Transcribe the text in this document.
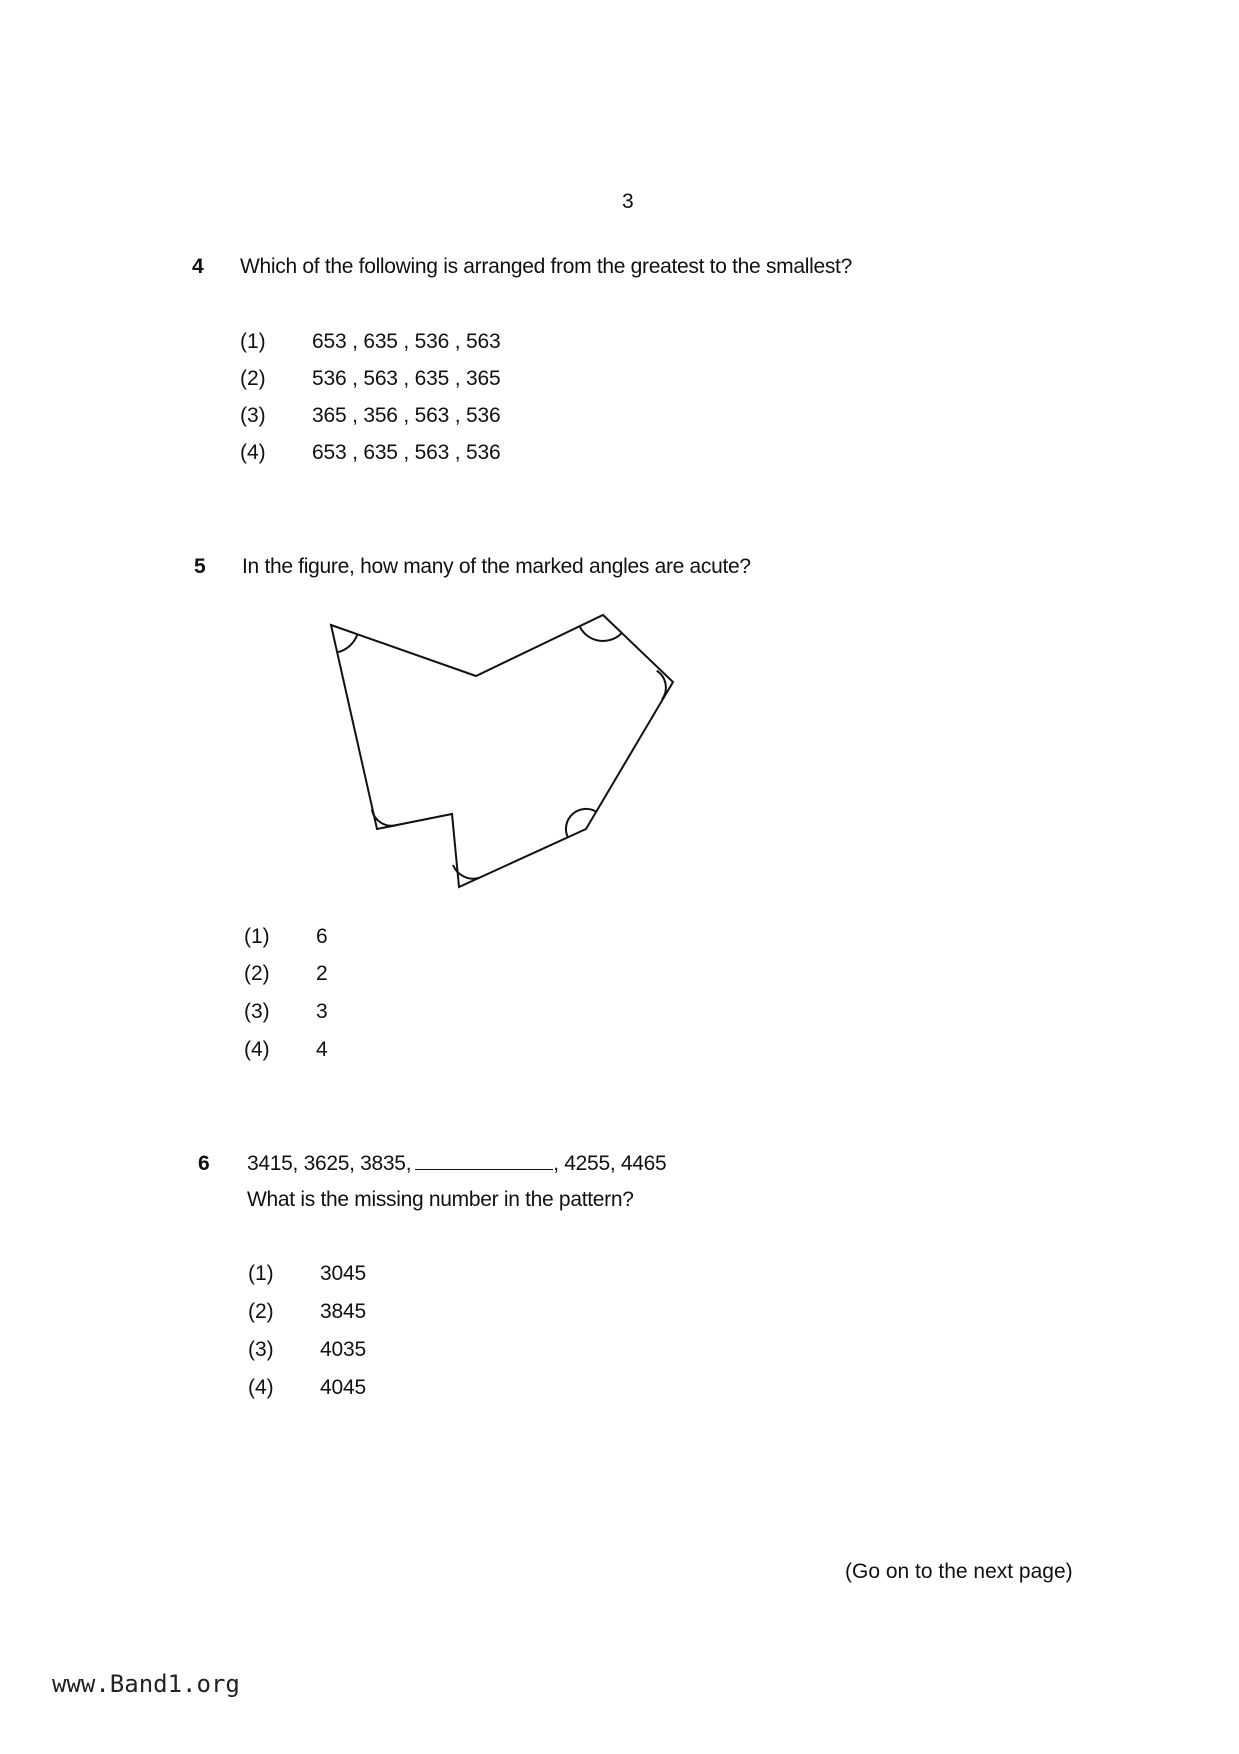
3
4 Which of the following is arranged from the greatest to the smallest?
(1) 653 , 635 , 536 , 563
(2) 536 , 563 , 635 , 365
(3) 365 , 356 , 563 , 536
(4) 653 , 635 , 563 , 536
5 In the figure, how many of the marked angles are acute?
(1) 6
(2) 2
(3) 3
(4) 4
6 3415, 3625, 3835,	, 4255, 4465
What is the missing number in the pattern?
(1) 3045
(2) 3845
(3) 4035
(4) 4045
(Go on to the next page)
www.Band1.org
